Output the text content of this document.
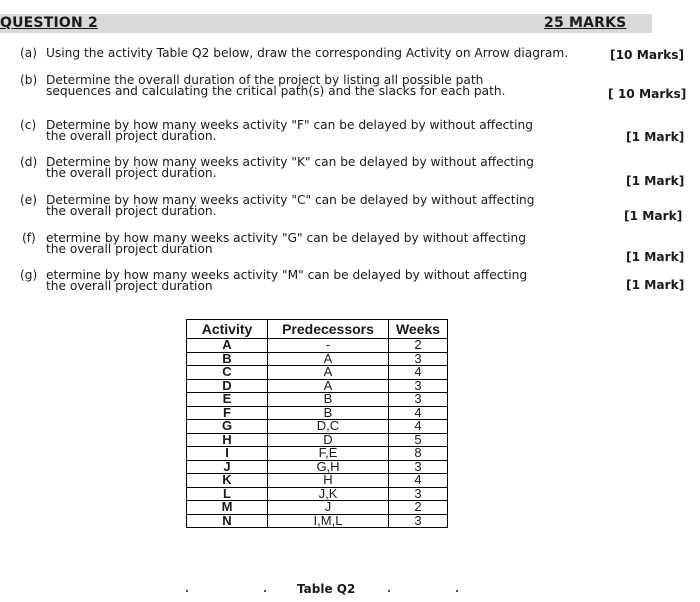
QUESTION 2	25 MARKS
(a) Using the activity Table Q2 below, draw the corresponding Activity on Arrow diagram.	[10 Marks]
(b) Determine the overall duration of the project by listing all possible path
sequences and calculating the critical path(s) and the slacks for each path.	[ 10 Marks]
(c) Determine by how many weeks activity "F" can be delayed by without affecting
the overall project duration.	[1 Mark]
(d) Determine by how many weeks activity "K" can be delayed by without affecting
the overall project duration.
[1 Mark]
(e) Determine by how many weeks activity "C" can be delayed by without affecting
the overall project duration.	[1 Mark]
(f) etermine by how many weeks activity "G" can be delayed by without affecting
the overall project duration
[1 Mark]
(g) etermine by how many weeks activity "M" can be delayed by without affecting
the overall project duration	[1 Mark]
Activity	Predecessors	Weeks
A	-	2
B	A	3
C	A	4
D	A	3
E	B	3
F	B	4
G	D,C	4
H	D	5
I	F,E	8
J	G,H	3
K	H	4
L	J,K	3
M	J	2
N	I,M,L	3
Table Q2
